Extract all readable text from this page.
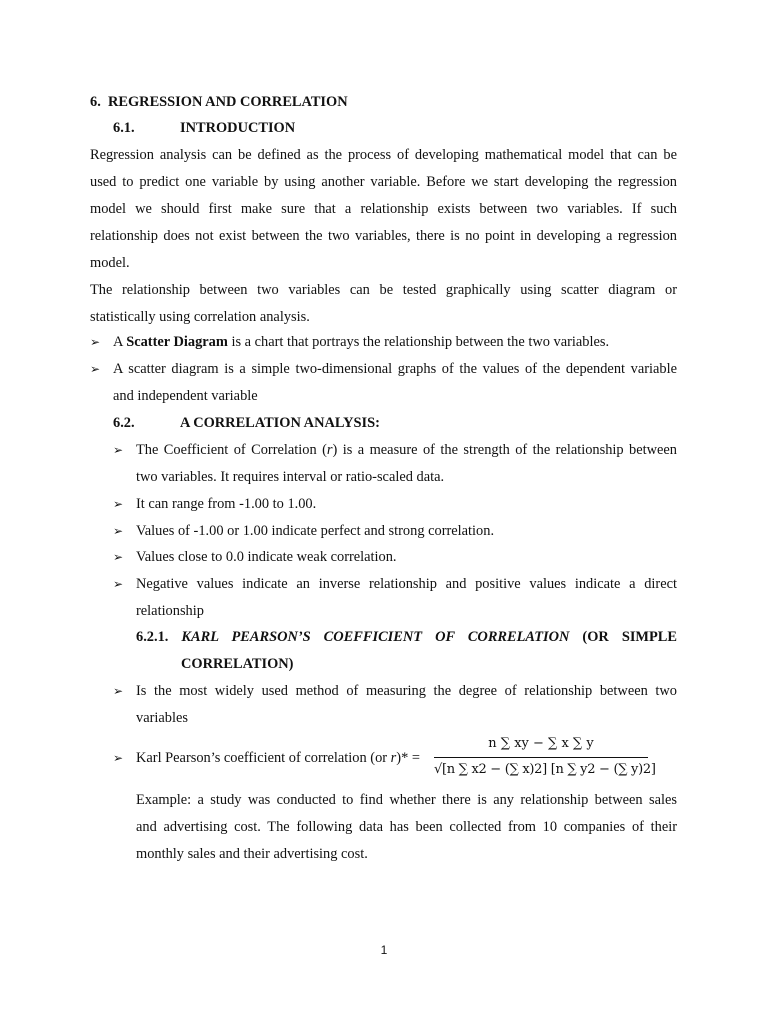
6. REGRESSION AND CORRELATION
6.1.	INTRODUCTION
Regression analysis can be defined as the process of developing mathematical model that can be
used to predict one variable by using another variable. Before we start developing the regression
model we should first make sure that a relationship exists between two variables. If such
relationship does not exist between the two variables, there is no point in developing a regression
model.
The relationship between two variables can be tested graphically using scatter diagram or
statistically using correlation analysis.
➢ A Scatter Diagram is a chart that portrays the relationship between the two variables.
➢ A scatter diagram is a simple two-dimensional graphs of the values of the dependent variable
and independent variable
6.2.	A CORRELATION ANALYSIS:
➢ The Coefficient of Correlation (r) is a measure of the strength of the relationship between
two variables. It requires interval or ratio-scaled data.
➢ It can range from -1.00 to 1.00.
➢ Values of -1.00 or 1.00 indicate perfect and strong correlation.
➢ Values close to 0.0 indicate weak correlation.
➢ Negative values indicate an inverse relationship and positive values indicate a direct
relationship
6.2.1. KARL PEARSON’S COEFFICIENT OF CORRELATION (OR SIMPLE
CORRELATION)
➢ Is the most widely used method of measuring the degree of relationship between two
variables
➢ Karl Pearson’s coefficient of correlation (or r)* =
n ∑ xy − ∑ x ∑ y
√[n ∑ x2 − (∑ x)2] [n ∑ y2 − (∑ y)2]
Example: a study was conducted to find whether there is any relationship between sales
and advertising cost. The following data has been collected from 10 companies of their
monthly sales and their advertising cost.
1
